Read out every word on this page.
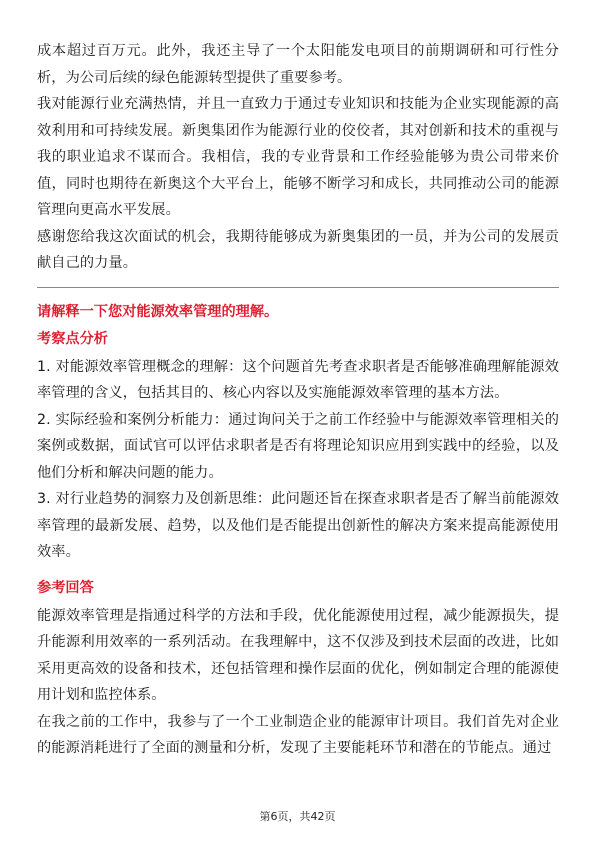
成本超过百万元。此外，我还主导了一个太阳能发电项目的前期调研和可行性分析，为公司后续的绿色能源转型提供了重要参考。

我对能源行业充满热情，并且一直致力于通过专业知识和技能为企业实现能源的高效利用和可持续发展。新奥集团作为能源行业的佼佼者，其对创新和技术的重视与我的职业追求不谋而合。我相信，我的专业背景和工作经验能够为贵公司带来价值，同时也期待在新奥这个大平台上，能够不断学习和成长，共同推动公司的能源管理向更高水平发展。

感谢您给我这次面试的机会，我期待能够成为新奥集团的一员，并为公司的发展贡献自己的力量。

请解释一下您对能源效率管理的理解。
考察点分析

1. 对能源效率管理概念的理解：这个问题首先考查求职者是否能够准确理解能源效率管理的含义，包括其目的、核心内容以及实施能源效率管理的基本方法。

2. 实际经验和案例分析能力：通过询问关于之前工作经验中与能源效率管理相关的案例或数据，面试官可以评估求职者是否有将理论知识应用到实践中的经验，以及他们分析和解决问题的能力。

3. 对行业趋势的洞察力及创新思维：此问题还旨在探查求职者是否了解当前能源效率管理的最新发展、趋势，以及他们是否能提出创新性的解决方案来提高能源使用效率。

参考回答

能源效率管理是指通过科学的方法和手段，优化能源使用过程，减少能源损失，提升能源利用效率的一系列活动。在我理解中，这不仅涉及到技术层面的改进，比如采用更高效的设备和技术，还包括管理和操作层面的优化，例如制定合理的能源使用计划和监控体系。

在我之前的工作中，我参与了一个工业制造企业的能源审计项目。我们首先对企业的能源消耗进行了全面的测量和分析，发现了主要能耗环节和潜在的节能点。通过

第6页，共42页
